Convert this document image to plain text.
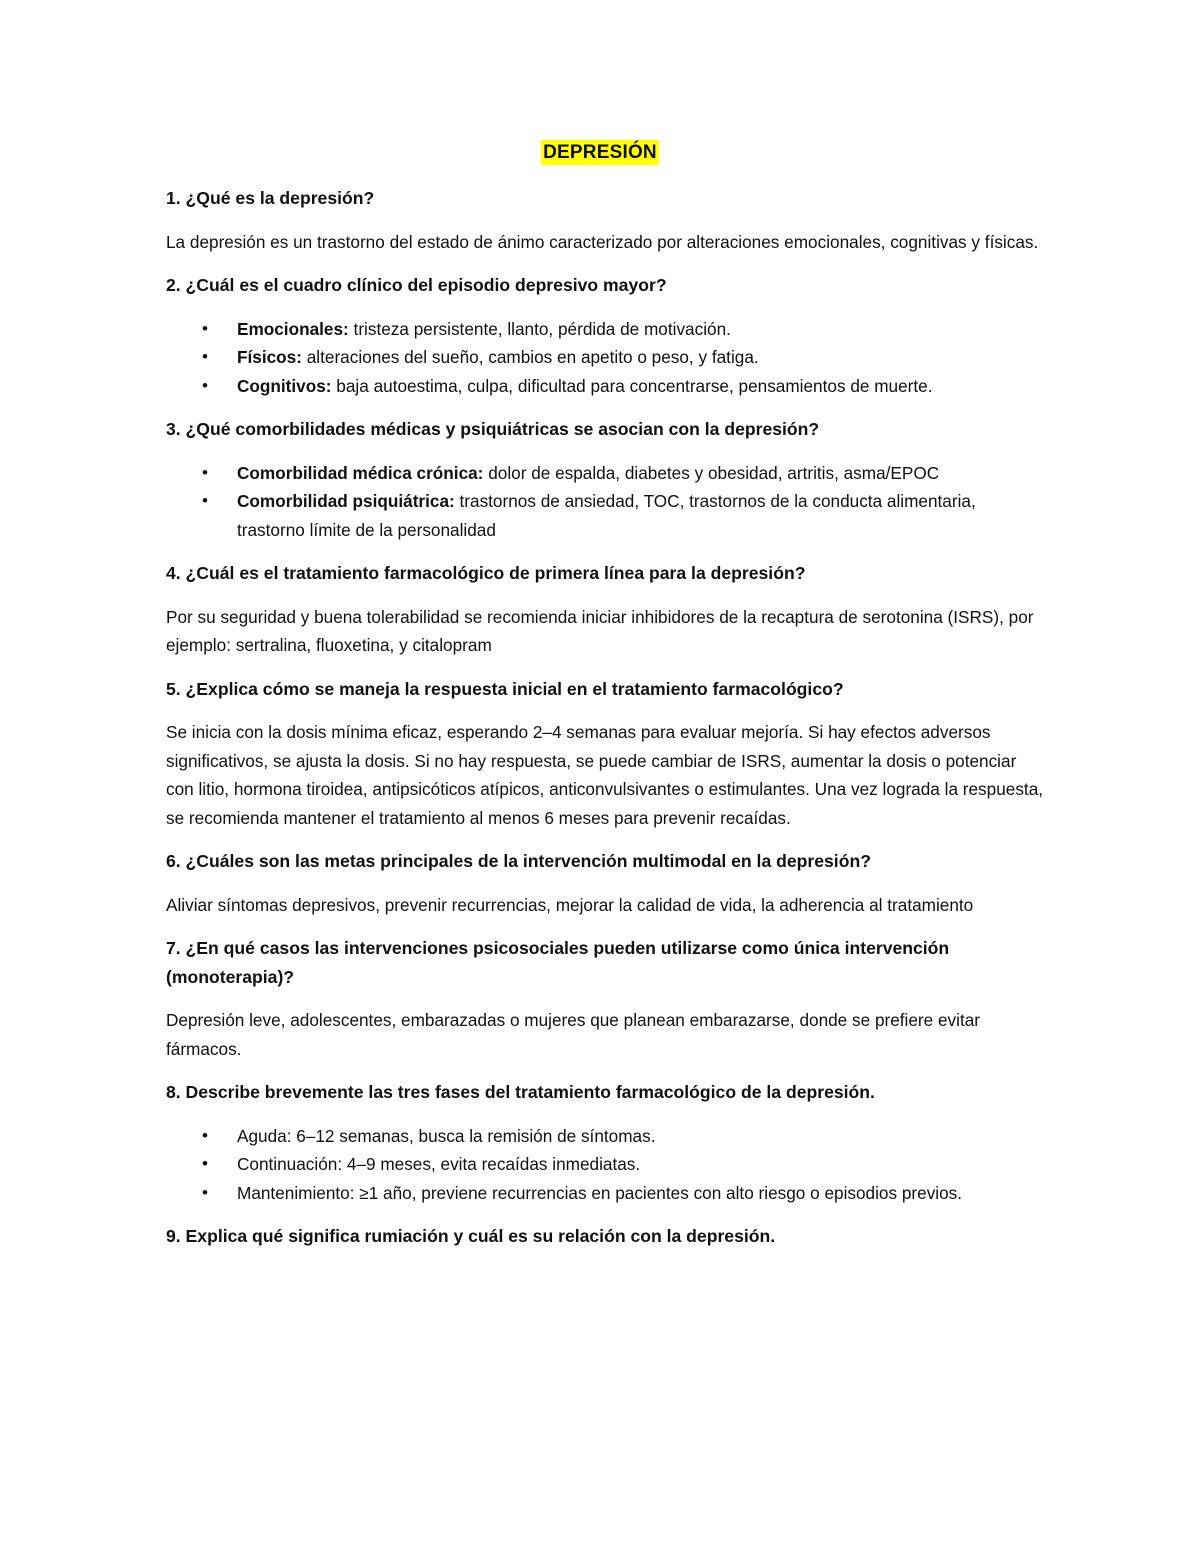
DEPRESIÓN
1. ¿Qué es la depresión?
La depresión es un trastorno del estado de ánimo caracterizado por alteraciones emocionales, cognitivas y físicas.
2. ¿Cuál es el cuadro clínico del episodio depresivo mayor?
• Emocionales: tristeza persistente, llanto, pérdida de motivación.
• Físicos: alteraciones del sueño, cambios en apetito o peso, y fatiga.
• Cognitivos: baja autoestima, culpa, dificultad para concentrarse, pensamientos de muerte.
3. ¿Qué comorbilidades médicas y psiquiátricas se asocian con la depresión?
• Comorbilidad médica crónica: dolor de espalda, diabetes y obesidad, artritis, asma/EPOC
• Comorbilidad psiquiátrica: trastornos de ansiedad, TOC, trastornos de la conducta alimentaria, trastorno límite de la personalidad
4. ¿Cuál es el tratamiento farmacológico de primera línea para la depresión?
Por su seguridad y buena tolerabilidad se recomienda iniciar inhibidores de la recaptura de serotonina (ISRS), por ejemplo: sertralina, fluoxetina, y citalopram
5. ¿Explica cómo se maneja la respuesta inicial en el tratamiento farmacológico?
Se inicia con la dosis mínima eficaz, esperando 2–4 semanas para evaluar mejoría. Si hay efectos adversos significativos, se ajusta la dosis. Si no hay respuesta, se puede cambiar de ISRS, aumentar la dosis o potenciar con litio, hormona tiroidea, antipsicóticos atípicos, anticonvulsivantes o estimulantes. Una vez lograda la respuesta, se recomienda mantener el tratamiento al menos 6 meses para prevenir recaídas.
6. ¿Cuáles son las metas principales de la intervención multimodal en la depresión?
Aliviar síntomas depresivos, prevenir recurrencias, mejorar la calidad de vida, la adherencia al tratamiento
7. ¿En qué casos las intervenciones psicosociales pueden utilizarse como única intervención (monoterapia)?
Depresión leve, adolescentes, embarazadas o mujeres que planean embarazarse, donde se prefiere evitar fármacos.
8. Describe brevemente las tres fases del tratamiento farmacológico de la depresión.
• Aguda: 6–12 semanas, busca la remisión de síntomas.
• Continuación: 4–9 meses, evita recaídas inmediatas.
• Mantenimiento: ≥1 año, previene recurrencias en pacientes con alto riesgo o episodios previos.
9. Explica qué significa rumiación y cuál es su relación con la depresión.
